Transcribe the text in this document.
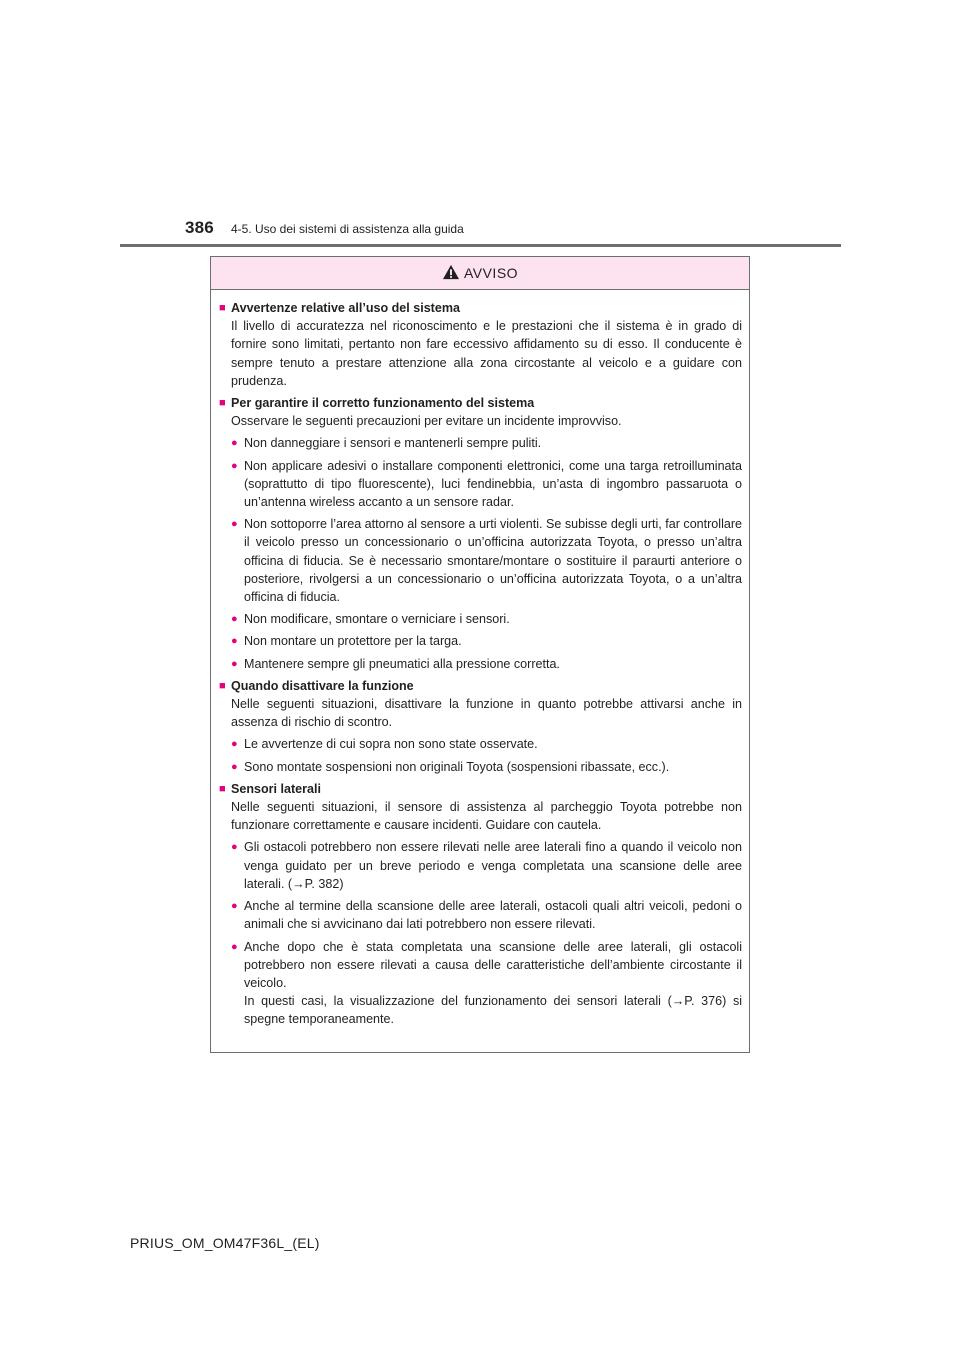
386 4-5. Uso dei sistemi di assistenza alla guida
AVVISO
■ Avvertenze relative all’uso del sistema
Il livello di accuratezza nel riconoscimento e le prestazioni che il sistema è in grado di fornire sono limitati, pertanto non fare eccessivo affidamento su di esso. Il conducente è sempre tenuto a prestare attenzione alla zona circostante al veicolo e a guidare con prudenza.
■ Per garantire il corretto funzionamento del sistema
Osservare le seguenti precauzioni per evitare un incidente improvviso.
● Non danneggiare i sensori e mantenerli sempre puliti.
● Non applicare adesivi o installare componenti elettronici, come una targa retroilluminata (soprattutto di tipo fluorescente), luci fendinebbia, un’asta di ingombro passaruota o un’antenna wireless accanto a un sensore radar.
● Non sottoporre l’area attorno al sensore a urti violenti. Se subisse degli urti, far controllare il veicolo presso un concessionario o un’officina autorizzata Toyota, o presso un’altra officina di fiducia. Se è necessario smontare/montare o sostituire il paraurti anteriore o posteriore, rivolgersi a un concessionario o un’officina autorizzata Toyota, o a un’altra officina di fiducia.
● Non modificare, smontare o verniciare i sensori.
● Non montare un protettore per la targa.
● Mantenere sempre gli pneumatici alla pressione corretta.
■ Quando disattivare la funzione
Nelle seguenti situazioni, disattivare la funzione in quanto potrebbe attivarsi anche in assenza di rischio di scontro.
● Le avvertenze di cui sopra non sono state osservate.
● Sono montate sospensioni non originali Toyota (sospensioni ribassate, ecc.).
■ Sensori laterali
Nelle seguenti situazioni, il sensore di assistenza al parcheggio Toyota potrebbe non funzionare correttamente e causare incidenti. Guidare con cautela.
● Gli ostacoli potrebbero non essere rilevati nelle aree laterali fino a quando il veicolo non venga guidato per un breve periodo e venga completata una scansione delle aree laterali. (→P. 382)
● Anche al termine della scansione delle aree laterali, ostacoli quali altri veicoli, pedoni o animali che si avvicinano dai lati potrebbero non essere rilevati.
● Anche dopo che è stata completata una scansione delle aree laterali, gli ostacoli potrebbero non essere rilevati a causa delle caratteristiche dell’ambiente circostante il veicolo.
In questi casi, la visualizzazione del funzionamento dei sensori laterali (→P. 376) si spegne temporaneamente.
PRIUS_OM_OM47F36L_(EL)
